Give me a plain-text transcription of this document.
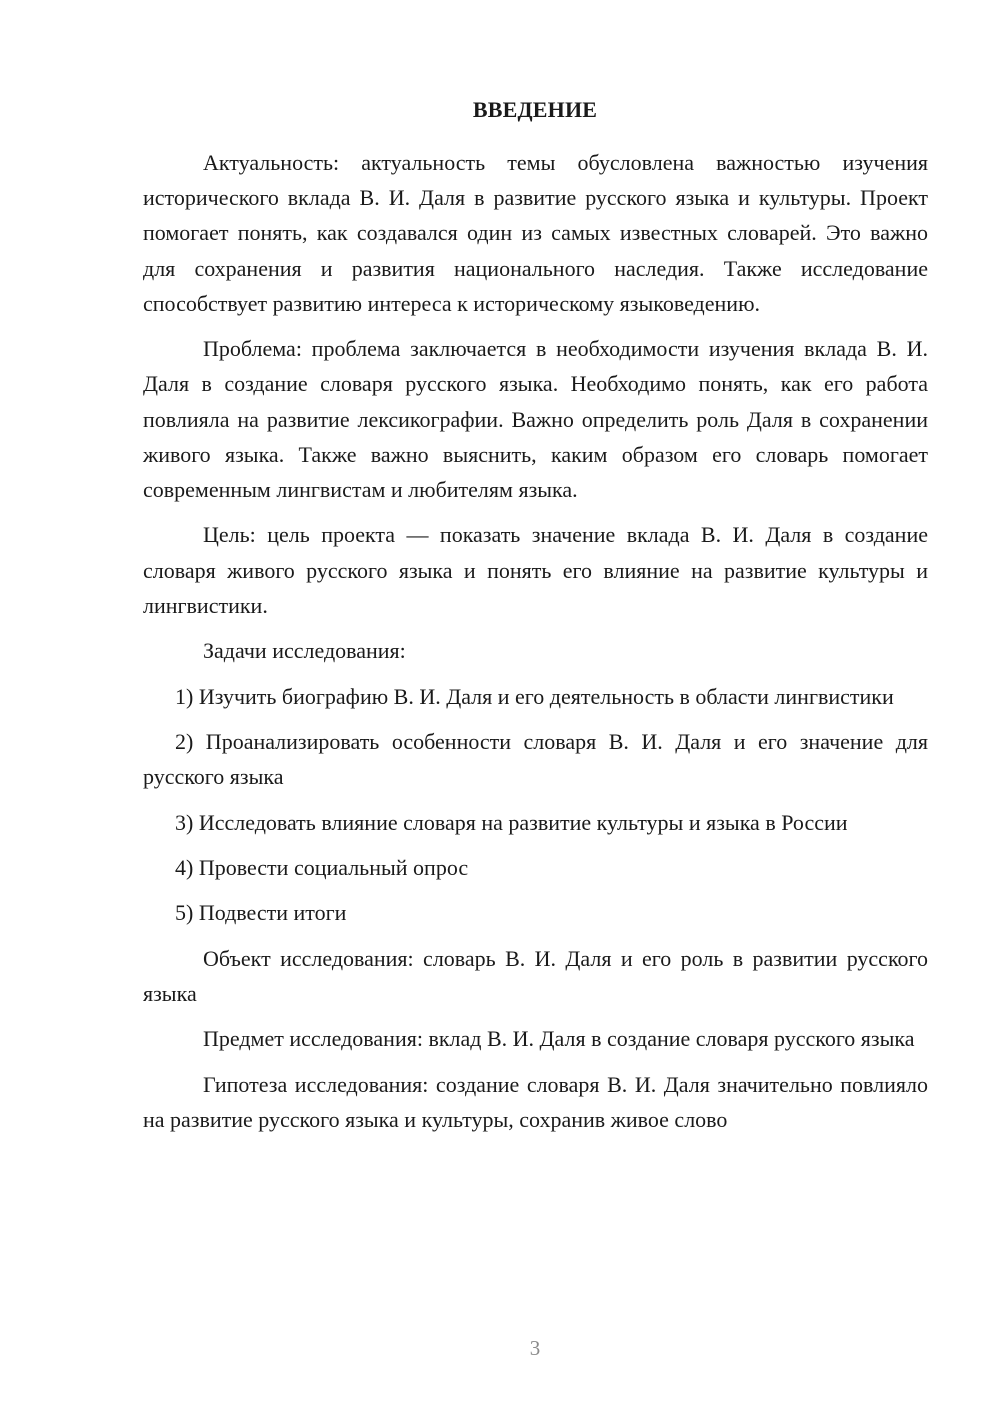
ВВЕДЕНИЕ

Актуальность: актуальность темы обусловлена важностью изучения исторического вклада В. И. Даля в развитие русского языка и культуры. Проект помогает понять, как создавался один из самых известных словарей. Это важно для сохранения и развития национального наследия. Также исследование способствует развитию интереса к историческому языковедению.

Проблема: проблема заключается в необходимости изучения вклада В. И. Даля в создание словаря русского языка. Необходимо понять, как его работа повлияла на развитие лексикографии. Важно определить роль Даля в сохранении живого языка. Также важно выяснить, каким образом его словарь помогает современным лингвистам и любителям языка.

Цель: цель проекта — показать значение вклада В. И. Даля в создание словаря живого русского языка и понять его влияние на развитие культуры и лингвистики.

Задачи исследования:

1) Изучить биографию В. И. Даля и его деятельность в области лингвистики

2) Проанализировать особенности словаря В. И. Даля и его значение для русского языка

3) Исследовать влияние словаря на развитие культуры и языка в России

4) Провести социальный опрос

5) Подвести итоги

Объект исследования: словарь В. И. Даля и его роль в развитии русского языка

Предмет исследования: вклад В. И. Даля в создание словаря русского языка

Гипотеза исследования: создание словаря В. И. Даля значительно повлияло на развитие русского языка и культуры, сохранив живое слово

3
